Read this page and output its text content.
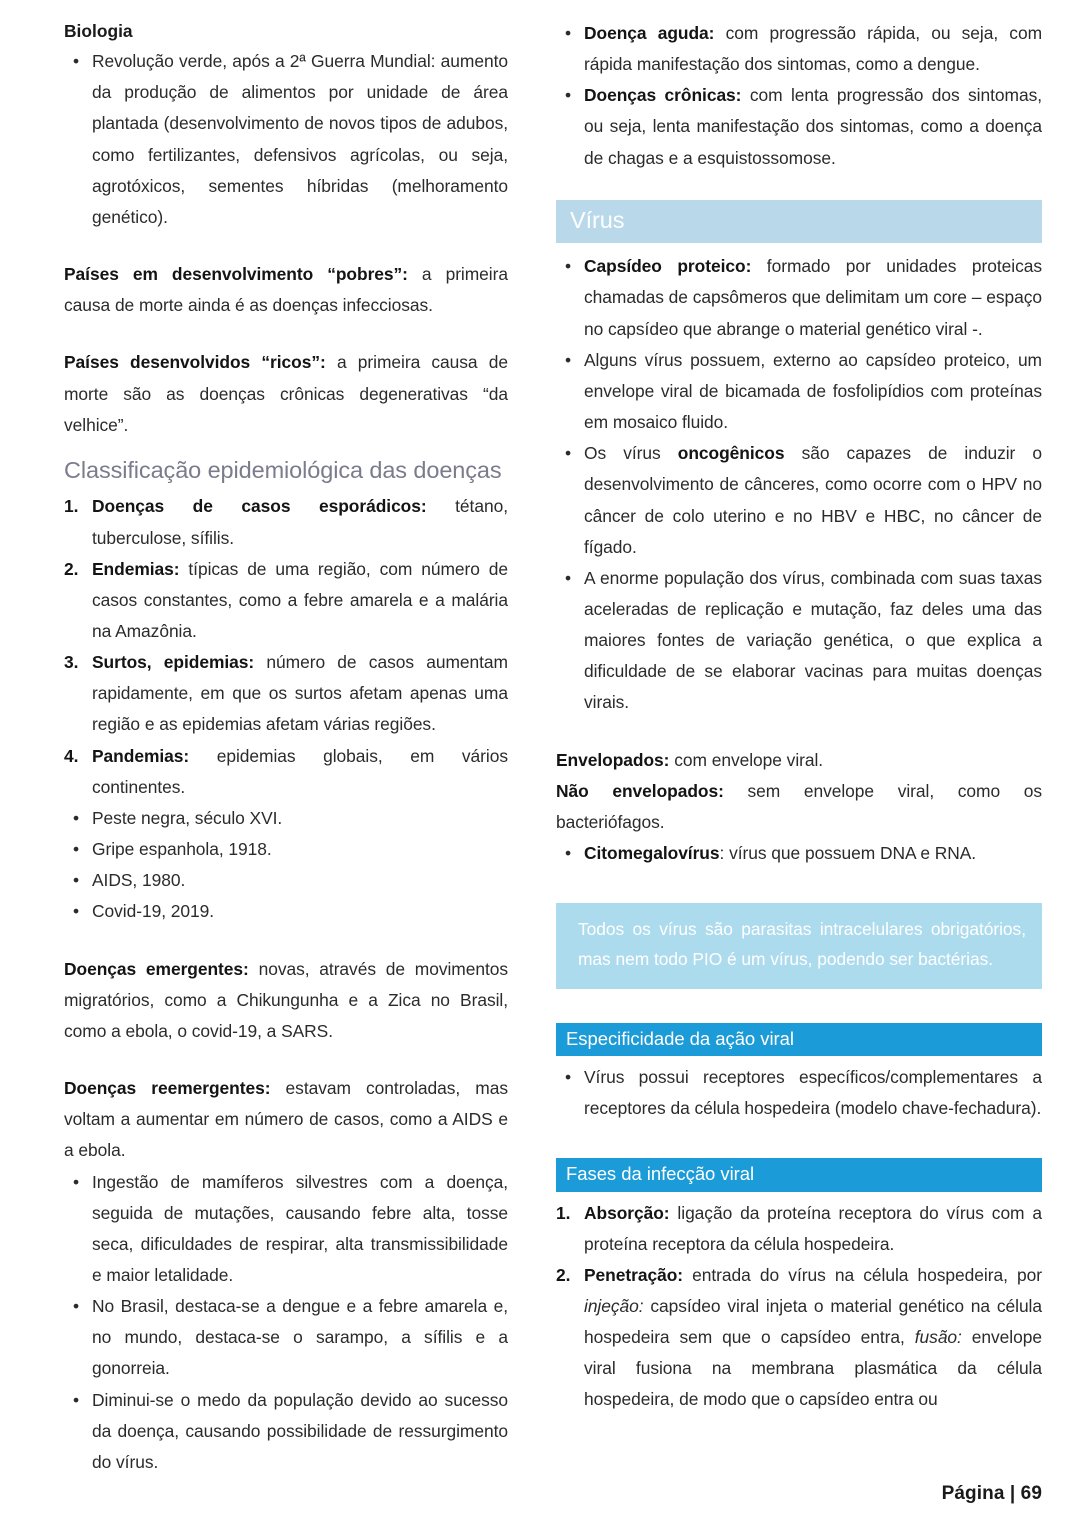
Biologia

• Revolução verde, após a 2ª Guerra Mundial: aumento da produção de alimentos por unidade de área plantada (desenvolvimento de novos tipos de adubos, como fertilizantes, defensivos agrícolas, ou seja, agrotóxicos, sementes híbridas (melhoramento genético).

Países em desenvolvimento “pobres”: a primeira causa de morte ainda é as doenças infecciosas.

Países desenvolvidos “ricos”: a primeira causa de morte são as doenças crônicas degenerativas “da velhice”.

Classificação epidemiológica das doenças

1. Doenças de casos esporádicos: tétano, tuberculose, sífilis.

2. Endemias: típicas de uma região, com número de casos constantes, como a febre amarela e a malária na Amazônia.

3. Surtos, epidemias: número de casos aumentam rapidamente, em que os surtos afetam apenas uma região e as epidemias afetam várias regiões.

4. Pandemias: epidemias globais, em vários continentes.

• Peste negra, século XVI.

• Gripe espanhola, 1918.

• AIDS, 1980.

• Covid-19, 2019.

Doenças emergentes: novas, através de movimentos migratórios, como a Chikungunha e a Zica no Brasil, como a ebola, o covid-19, a SARS.

Doenças reemergentes: estavam controladas, mas voltam a aumentar em número de casos, como a AIDS e a ebola.

• Ingestão de mamíferos silvestres com a doença, seguida de mutações, causando febre alta, tosse seca, dificuldades de respirar, alta transmissibilidade e maior letalidade.

• No Brasil, destaca-se a dengue e a febre amarela e, no mundo, destaca-se o sarampo, a sífilis e a gonorreia.

• Diminui-se o medo da população devido ao sucesso da doença, causando possibilidade de ressurgimento do vírus.

• Doença aguda: com progressão rápida, ou seja, com rápida manifestação dos sintomas, como a dengue.

• Doenças crônicas: com lenta progressão dos sintomas, ou seja, lenta manifestação dos sintomas, como a doença de chagas e a esquistossomose.

Vírus

• Capsídeo proteico: formado por unidades proteicas chamadas de capsômeros que delimitam um core – espaço no capsídeo que abrange o material genético viral -.

• Alguns vírus possuem, externo ao capsídeo proteico, um envelope viral de bicamada de fosfolipídios com proteínas em mosaico fluido.

• Os vírus oncogênicos são capazes de induzir o desenvolvimento de cânceres, como ocorre com o HPV no câncer de colo uterino e no HBV e HBC, no câncer de fígado.

• A enorme população dos vírus, combinada com suas taxas aceleradas de replicação e mutação, faz deles uma das maiores fontes de variação genética, o que explica a dificuldade de se elaborar vacinas para muitas doenças virais.

Envelopados: com envelope viral.

Não envelopados: sem envelope viral, como os bacteriófagos.

• Citomegalovírus: vírus que possuem DNA e RNA.

Todos os vírus são parasitas intracelulares obrigatórios, mas nem todo PIO é um vírus, podendo ser bactérias.
Especificidade da ação viral

• Vírus possui receptores específicos/complementares a receptores da célula hospedeira (modelo chave-fechadura).

Fases da infecção viral

1. Absorção: ligação da proteína receptora do vírus com a proteína receptora da célula hospedeira.

2. Penetração: entrada do vírus na célula hospedeira, por injeção: capsídeo viral injeta o material genético na célula hospedeira sem que o capsídeo entra, fusão: envelope viral fusiona na membrana plasmática da célula hospedeira, de modo que o capsídeo entra ou

Página | 69
